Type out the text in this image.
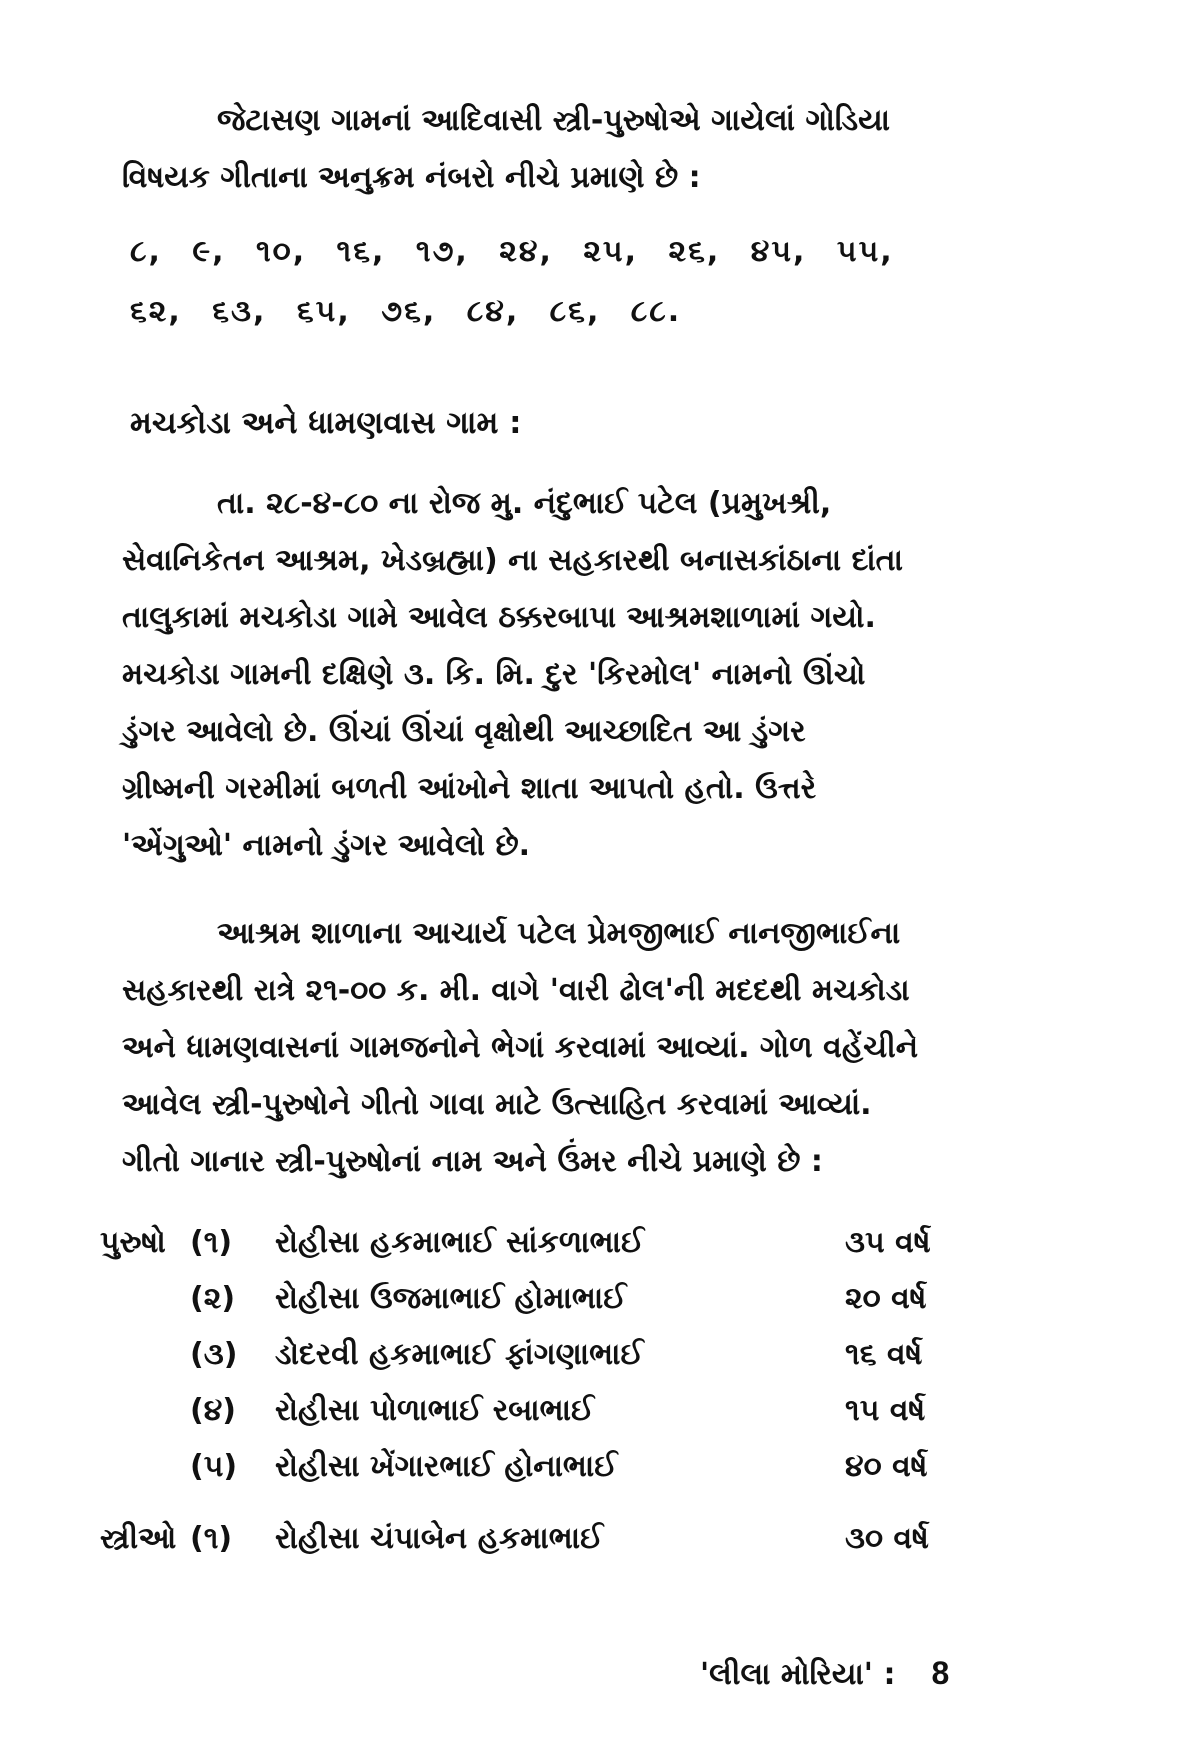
જેટાસણ ગામનાં આદિવાસી સ્ત્રી-પુરુષોએ ગાયેલાં ગોડિયા
વિષયક ગીતાના અનુક્રમ નંબરો નીચે પ્રમાણે છે :

૮, ૯, ૧૦, ૧૬, ૧૭, ૨૪, ૨૫, ૨૬, ૪૫, ૫૫,
૬૨, ૬૩, ૬૫, ૭૬, ૮૪, ૮૬, ૮૮.
મચકોડા અને ધામણવાસ ગામ :

તા. ૨૮-૪-૮૦ ના રોજ મુ. નંદુભાઈ પટેલ (પ્રમુખશ્રી,
સેવાનિકેતન આશ્રમ, ખેડબ્રહ્મા) ના સહકારથી બનાસકાંઠાના દાંતા
તાલુકામાં મચકોડા ગામે આવેલ ઠક્કરબાપા આશ્રમશાળામાં ગયો.
મચકોડા ગામની દક્ષિણે ૩. કિ. મિ. દુર 'કિરમોલ' નામનો ઊંચો
ડુંગર આવેલો છે. ઊંચાં ઊંચાં વૃક્ષોથી આચ્છાદિત આ ડુંગર
ગ્રીષ્મની ગરમીમાં બળતી આંખોને શાતા આપતો હતો. ઉત્તરે
'એંગુઓ' નામનો ડુંગર આવેલો છે.

આશ્રમ શાળાના આચાર્ય પટેલ પ્રેમજીભાઈ નાનજીભાઈના
સહકારથી રાત્રે ૨૧-૦૦ ક. મી. વાગે 'વારી ઢોલ'ની મદદથી મચકોડા
અને ધામણવાસનાં ગામજનોને ભેગાં કરવામાં આવ્યાં. ગોળ વહેંચીને
આવેલ સ્ત્રી-પુરુષોને ગીતો ગાવા માટે ઉત્સાહિત કરવામાં આવ્યાં.
ગીતો ગાનાર સ્ત્રી-પુરુષોનાં નામ અને ઉંમર નીચે પ્રમાણે છે :

પુરુષો (૧) રોહીસા હકમાભાઈ સાંકળાભાઈ	૩૫ વર્ષ
(૨) રોહીસા ઉજમાભાઈ હોમાભાઈ	૨૦ વર્ષ
(૩) ડોદરવી હકમાભાઈ ફાંગણાભાઈ	૧૬ વર્ષ
(૪) રોહીસા પોળાભાઈ રબાભાઈ	૧૫ વર્ષ
(૫) રોહીસા ખેંગારભાઈ હોનાભાઈ	૪૦ વર્ષ
સ્ત્રીઓ (૧) રોહીસા ચંપાબેન હકમાભાઈ	૩૦ વર્ષ
'લીલા મોરિયા' : 8
